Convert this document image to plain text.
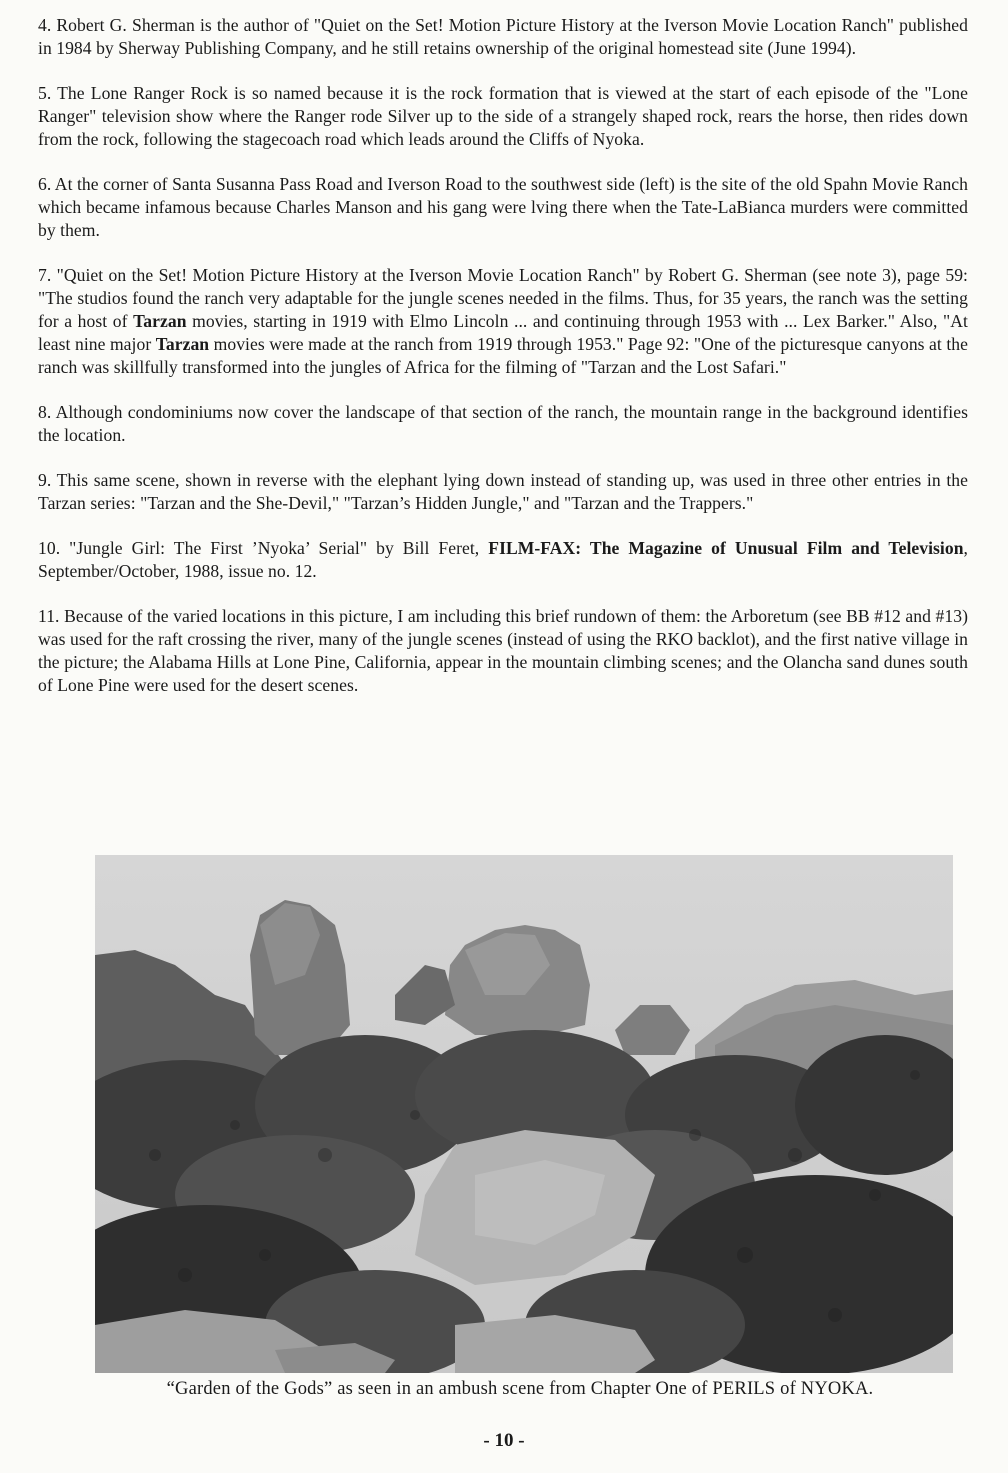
4. Robert G. Sherman is the author of "Quiet on the Set! Motion Picture History at the Iverson Movie Location Ranch" published in 1984 by Sherway Publishing Company, and he still retains ownership of the original homestead site (June 1994).

5. The Lone Ranger Rock is so named because it is the rock formation that is viewed at the start of each episode of the "Lone Ranger" television show where the Ranger rode Silver up to the side of a strangely shaped rock, rears the horse, then rides down from the rock, following the stagecoach road which leads around the Cliffs of Nyoka.

6. At the corner of Santa Susanna Pass Road and Iverson Road to the southwest side (left) is the site of the old Spahn Movie Ranch which became infamous because Charles Manson and his gang were lving there when the Tate-LaBianca murders were committed by them.

7. "Quiet on the Set! Motion Picture History at the Iverson Movie Location Ranch" by Robert G. Sherman (see note 3), page 59: "The studios found the ranch very adaptable for the jungle scenes needed in the films. Thus, for 35 years, the ranch was the setting for a host of Tarzan movies, starting in 1919 with Elmo Lincoln ... and continuing through 1953 with ... Lex Barker." Also, "At least nine major Tarzan movies were made at the ranch from 1919 through 1953." Page 92: "One of the picturesque canyons at the ranch was skillfully transformed into the jungles of Africa for the filming of "Tarzan and the Lost Safari."

8. Although condominiums now cover the landscape of that section of the ranch, the mountain range in the background identifies the location.

9. This same scene, shown in reverse with the elephant lying down instead of standing up, was used in three other entries in the Tarzan series: "Tarzan and the She-Devil," "Tarzan’s Hidden Jungle," and "Tarzan and the Trappers."

10. "Jungle Girl: The First ’Nyoka’ Serial" by Bill Feret, FILM-FAX: The Magazine of Unusual Film and Television, September/October, 1988, issue no. 12.

11. Because of the varied locations in this picture, I am including this brief rundown of them: the Arboretum (see BB #12 and #13) was used for the raft crossing the river, many of the jungle scenes (instead of using the RKO backlot), and the first native village in the picture; the Alabama Hills at Lone Pine, California, appear in the mountain climbing scenes; and the Olancha sand dunes south of Lone Pine were used for the desert scenes.

“Garden of the Gods” as seen in an ambush scene from Chapter One of PERILS of NYOKA.
- 10 -
